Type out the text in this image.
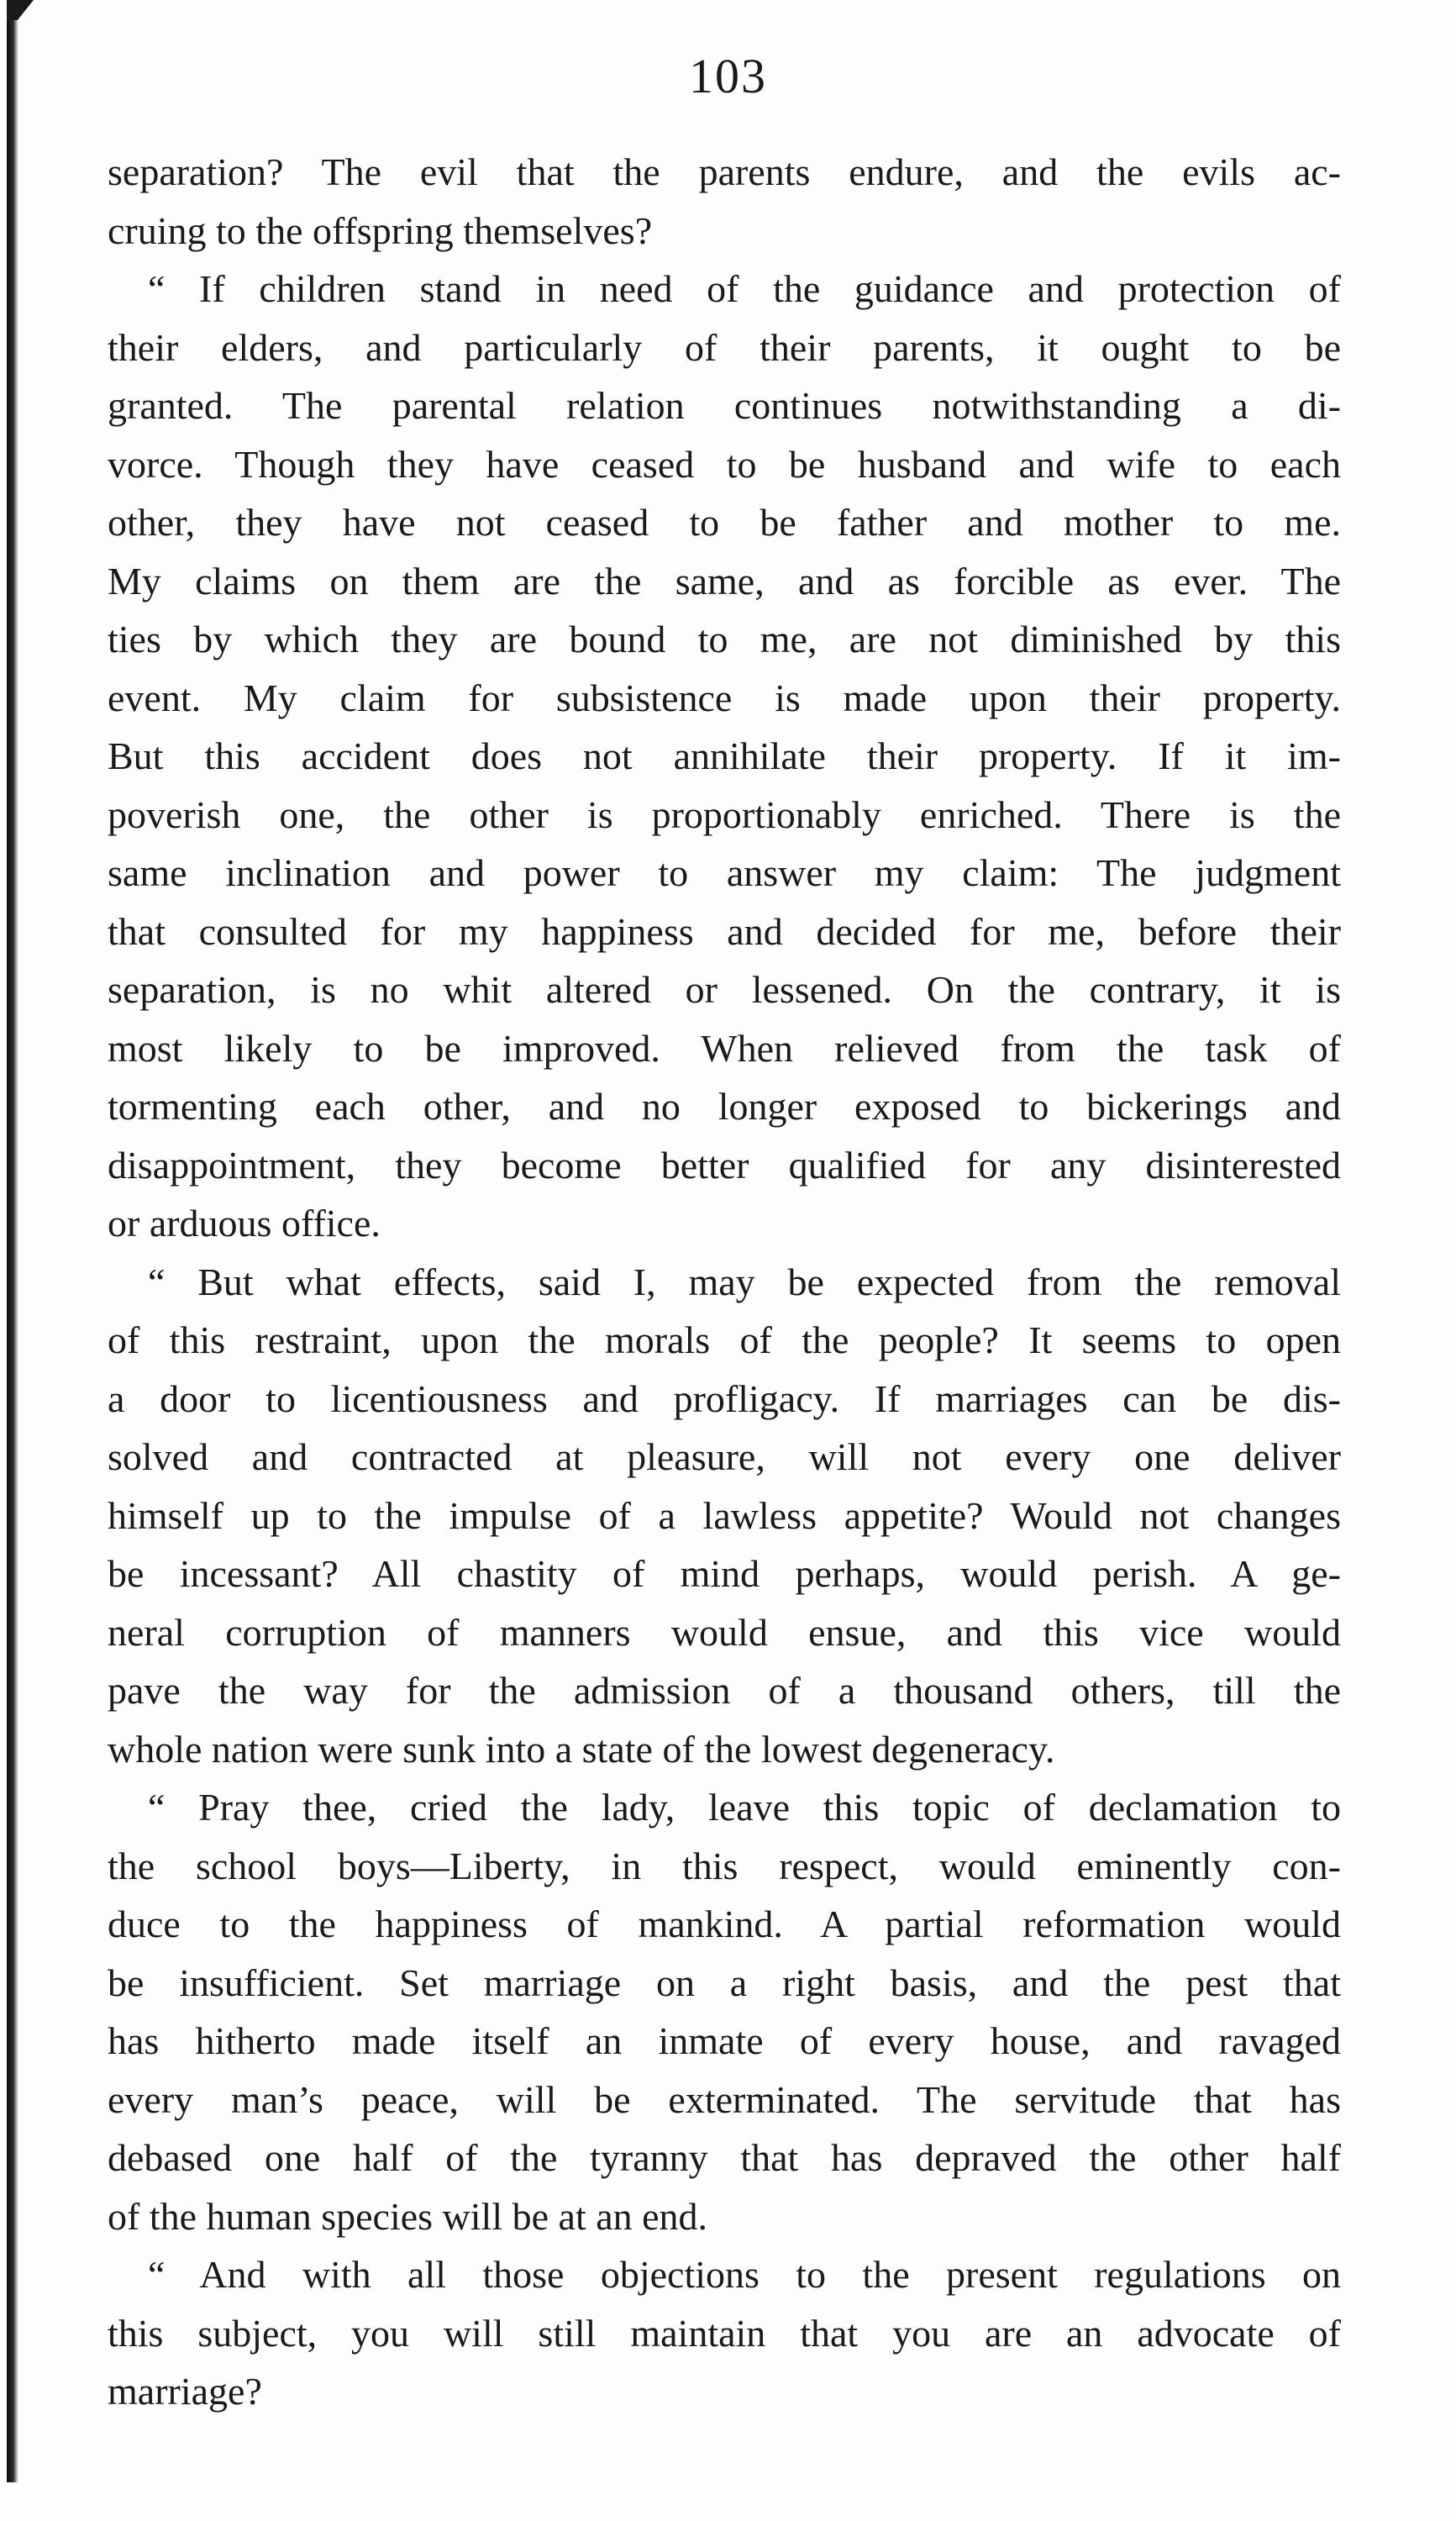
103
separation? The evil that the parents endure, and the evils ac-
cruing to the offspring themselves?
“ If children stand in need of the guidance and protection of
their elders, and particularly of their parents, it ought to be
granted. The parental relation continues notwithstanding a di-
vorce. Though they have ceased to be husband and wife to each
other, they have not ceased to be father and mother to me.
My claims on them are the same, and as forcible as ever. The
ties by which they are bound to me, are not diminished by this
event. My claim for subsistence is made upon their property.
But this accident does not annihilate their property. If it im-
poverish one, the other is proportionably enriched. There is the
same inclination and power to answer my claim: The judgment
that consulted for my happiness and decided for me, before their
separation, is no whit altered or lessened. On the contrary, it is
most likely to be improved. When relieved from the task of
tormenting each other, and no longer exposed to bickerings and
disappointment, they become better qualified for any disinterested
or arduous office.
“ But what effects, said I, may be expected from the removal
of this restraint, upon the morals of the people? It seems to open
a door to licentiousness and profligacy. If marriages can be dis-
solved and contracted at pleasure, will not every one deliver
himself up to the impulse of a lawless appetite? Would not changes
be incessant? All chastity of mind perhaps, would perish. A ge-
neral corruption of manners would ensue, and this vice would
pave the way for the admission of a thousand others, till the
whole nation were sunk into a state of the lowest degeneracy.
“ Pray thee, cried the lady, leave this topic of declamation to
the school boys—Liberty, in this respect, would eminently con-
duce to the happiness of mankind. A partial reformation would
be insufficient. Set marriage on a right basis, and the pest that
has hitherto made itself an inmate of every house, and ravaged
every man’s peace, will be exterminated. The servitude that has
debased one half of the tyranny that has depraved the other half
of the human species will be at an end.
“ And with all those objections to the present regulations on
this subject, you will still maintain that you are an advocate of
marriage?
